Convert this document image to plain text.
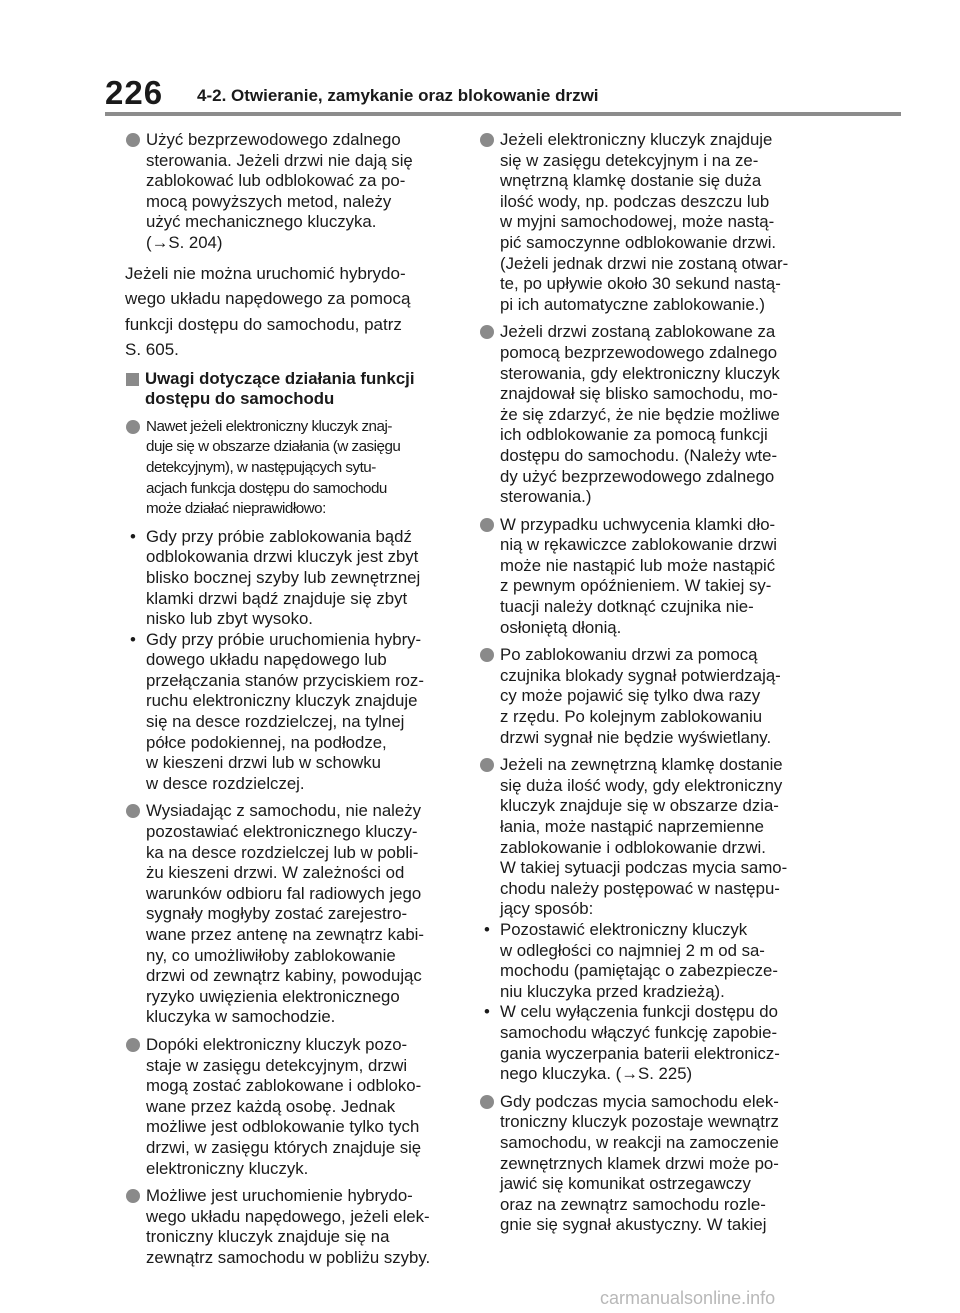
226 4-2. Otwieranie, zamykanie oraz blokowanie drzwi
Użyć bezprzewodowego zdalnego
sterowania. Jeżeli drzwi nie dają się
zablokować lub odblokować za po-
mocą powyższych metod, należy
użyć mechanicznego kluczyka.
(→S. 204)
Jeżeli nie można uruchomić hybrydo-
wego układu napędowego za pomocą
funkcji dostępu do samochodu, patrz
S. 605.
Uwagi dotyczące działania funkcji
dostępu do samochodu
Nawet jeżeli elektroniczny kluczyk znaj-
duje się w obszarze działania (w zasięgu
detekcyjnym), w następujących sytu-
acjach funkcja dostępu do samochodu
może działać nieprawidłowo:
• Gdy przy próbie zablokowania bądź
odblokowania drzwi kluczyk jest zbyt
blisko bocznej szyby lub zewnętrznej
klamki drzwi bądź znajduje się zbyt
nisko lub zbyt wysoko.
• Gdy przy próbie uruchomienia hybry-
dowego układu napędowego lub
przełączania stanów przyciskiem roz-
ruchu elektroniczny kluczyk znajduje
się na desce rozdzielczej, na tylnej
półce podokiennej, na podłodze,
w kieszeni drzwi lub w schowku
w desce rozdzielczej.
Wysiadając z samochodu, nie należy
pozostawiać elektronicznego kluczy-
ka na desce rozdzielczej lub w pobli-
żu kieszeni drzwi. W zależności od
warunków odbioru fal radiowych jego
sygnały mogłyby zostać zarejestro-
wane przez antenę na zewnątrz kabi-
ny, co umożliwiłoby zablokowanie
drzwi od zewnątrz kabiny, powodując
ryzyko uwięzienia elektronicznego
kluczyka w samochodzie.
Dopóki elektroniczny kluczyk pozo-
staje w zasięgu detekcyjnym, drzwi
mogą zostać zablokowane i odbloko-
wane przez każdą osobę. Jednak
możliwe jest odblokowanie tylko tych
drzwi, w zasięgu których znajduje się
elektroniczny kluczyk.
Możliwe jest uruchomienie hybrydo-
wego układu napędowego, jeżeli elek-
troniczny kluczyk znajduje się na
zewnątrz samochodu w pobliżu szyby.
Jeżeli elektroniczny kluczyk znajduje
się w zasięgu detekcyjnym i na ze-
wnętrzną klamkę dostanie się duża
ilość wody, np. podczas deszczu lub
w myjni samochodowej, może nastą-
pić samoczynne odblokowanie drzwi.
(Jeżeli jednak drzwi nie zostaną otwar-
te, po upływie około 30 sekund nastą-
pi ich automatyczne zablokowanie.)
Jeżeli drzwi zostaną zablokowane za
pomocą bezprzewodowego zdalnego
sterowania, gdy elektroniczny kluczyk
znajdował się blisko samochodu, mo-
że się zdarzyć, że nie będzie możliwe
ich odblokowanie za pomocą funkcji
dostępu do samochodu. (Należy wte-
dy użyć bezprzewodowego zdalnego
sterowania.)
W przypadku uchwycenia klamki dło-
nią w rękawiczce zablokowanie drzwi
może nie nastąpić lub może nastąpić
z pewnym opóźnieniem. W takiej sy-
tuacji należy dotknąć czujnika nie-
osłoniętą dłonią.
Po zablokowaniu drzwi za pomocą
czujnika blokady sygnał potwierdzają-
cy może pojawić się tylko dwa razy
z rzędu. Po kolejnym zablokowaniu
drzwi sygnał nie będzie wyświetlany.
Jeżeli na zewnętrzną klamkę dostanie
się duża ilość wody, gdy elektroniczny
kluczyk znajduje się w obszarze dzia-
łania, może nastąpić naprzemienne
zablokowanie i odblokowanie drzwi.
W takiej sytuacji podczas mycia samo-
chodu należy postępować w następu-
jący sposób:
• Pozostawić elektroniczny kluczyk
w odległości co najmniej 2 m od sa-
mochodu (pamiętając o zabezpiecze-
niu kluczyka przed kradzieżą).
• W celu wyłączenia funkcji dostępu do
samochodu włączyć funkcję zapobie-
gania wyczerpania baterii elektronicz-
nego kluczyka. (→S. 225)
Gdy podczas mycia samochodu elek-
troniczny kluczyk pozostaje wewnątrz
samochodu, w reakcji na zamoczenie
zewnętrznych klamek drzwi może po-
jawić się komunikat ostrzegawczy
oraz na zewnątrz samochodu rozle-
gnie się sygnał akustyczny. W takiej
carmanualsonline.info
